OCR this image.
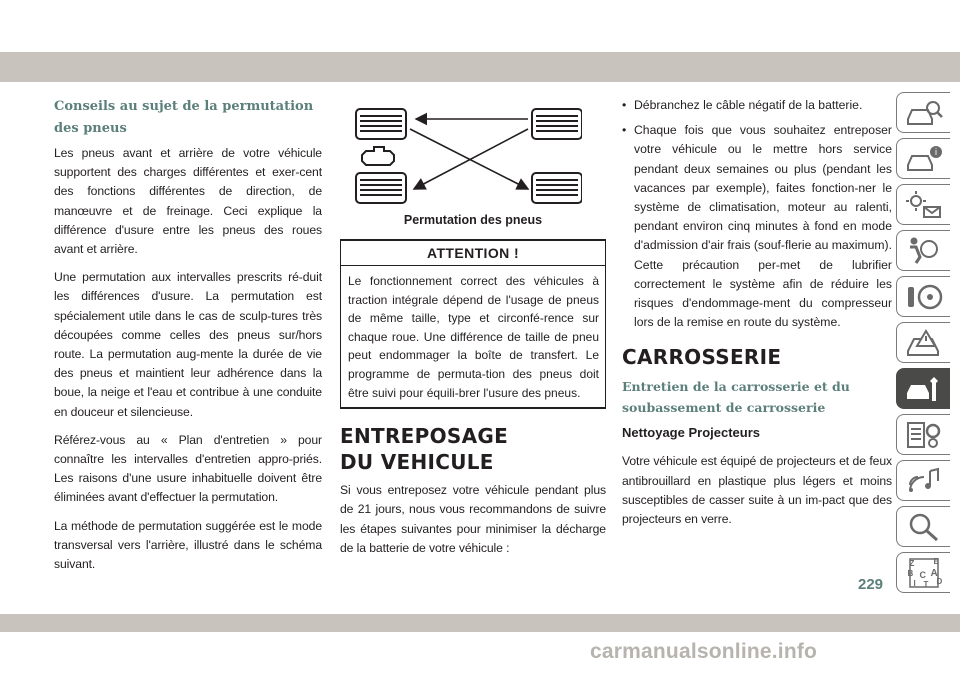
Conseils au sujet de la permutation des pneus

Les pneus avant et arrière de votre véhicule supportent des charges différentes et exer-cent des fonctions différentes de direction, de manœuvre et de freinage. Ceci explique la différence d'usure entre les pneus des roues avant et arrière.

Une permutation aux intervalles prescrits ré-duit les différences d'usure. La permutation est spécialement utile dans le cas de sculp-tures très découpées comme celles des pneus sur/hors route. La permutation aug-mente la durée de vie des pneus et maintient leur adhérence dans la boue, la neige et l'eau et contribue à une conduite en douceur et silencieuse.

Référez-vous au « Plan d'entretien » pour connaître les intervalles d'entretien appro-priés. Les raisons d'une usure inhabituelle doivent être éliminées avant d'effectuer la permutation.

La méthode de permutation suggérée est le mode transversal vers l'arrière, illustré dans le schéma suivant.

Permutation des pneus
ATTENTION !
Le fonctionnement correct des véhicules à traction intégrale dépend de l'usage de pneus de même taille, type et circonfé-rence sur chaque roue. Une différence de taille de pneu peut endommager la boîte de transfert. Le programme de permuta-tion des pneus doit être suivi pour équili-brer l'usure des pneus.
ENTREPOSAGE DU VEHICULE

Si vous entreposez votre véhicule pendant plus de 21 jours, nous vous recommandons de suivre les étapes suivantes pour minimiser la décharge de la batterie de votre véhicule :

• Débranchez le câble négatif de la batterie.
• Chaque fois que vous souhaitez entreposer votre véhicule ou le mettre hors service pendant deux semaines ou plus (pendant les vacances par exemple), faites fonction-ner le système de climatisation, moteur au ralenti, pendant environ cinq minutes à fond en mode d'admission d'air frais (souf-flerie au maximum). Cette précaution per-met de lubrifier correctement le système afin de réduire les risques d'endommage-ment du compresseur lors de la remise en route du système.
CARROSSERIE
Entretien de la carrosserie et du soubassement de carrosserie
Nettoyage Projecteurs

Votre véhicule est équipé de projecteurs et de feux antibrouillard en plastique plus légers et moins susceptibles de casser suite à un im-pact que des projecteurs en verre.

229
i
Z E
B A
C
D
I T
carmanualsonline.info
